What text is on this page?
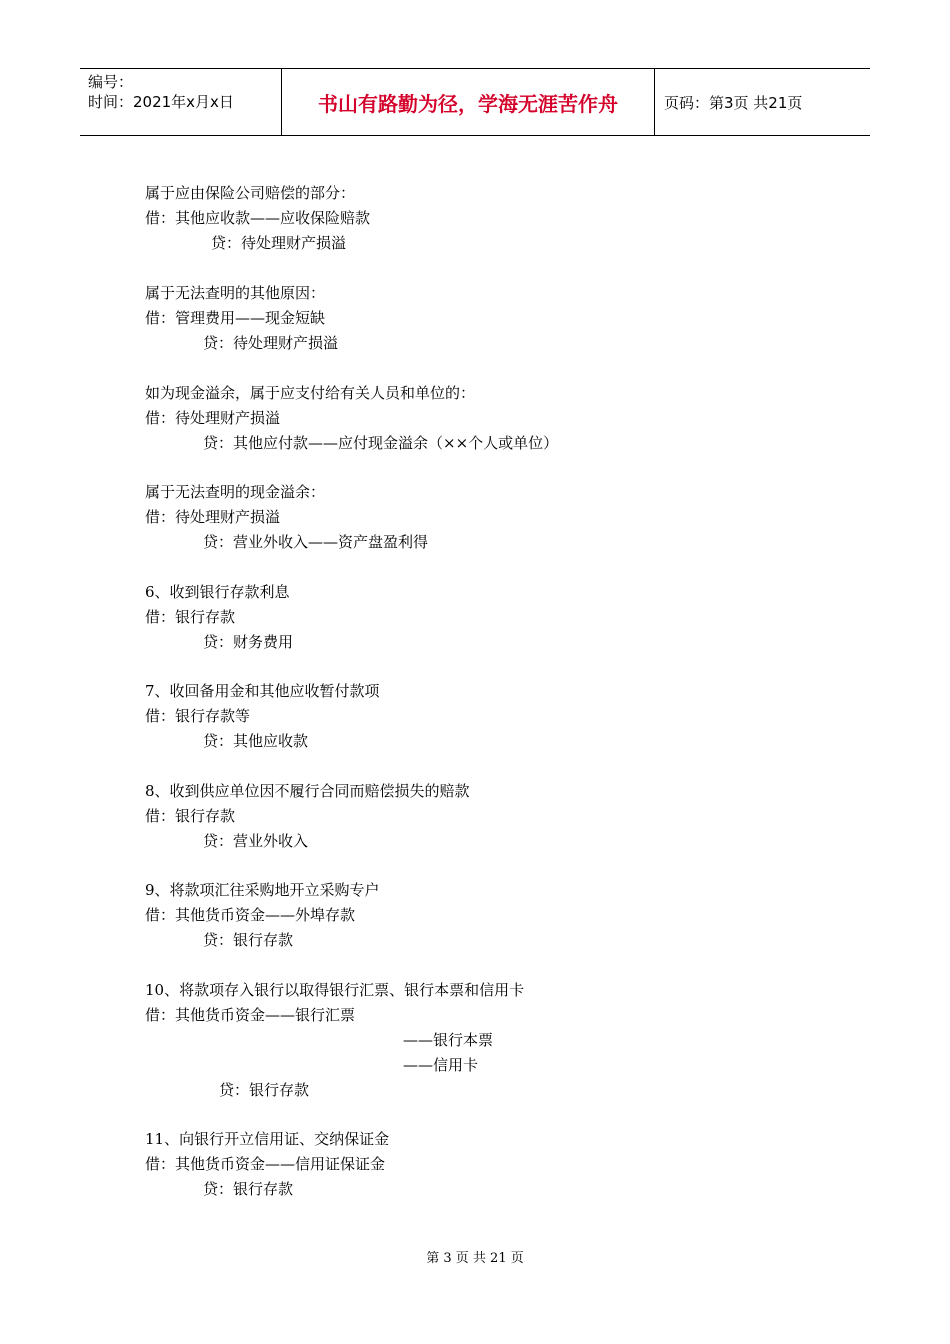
编号：
时间：2021年x月x日	书山有路勤为径，学海无涯苦作舟	页码：第3页 共21页
属于应由保险公司赔偿的部分：
借：其他应收款——应收保险赔款
贷：待处理财产损溢
属于无法查明的其他原因：
借：管理费用——现金短缺
贷：待处理财产损溢
如为现金溢余，属于应支付给有关人员和单位的：
借：待处理财产损溢
贷：其他应付款——应付现金溢余（××个人或单位）
属于无法查明的现金溢余：
借：待处理财产损溢
贷：营业外收入——资产盘盈利得
6、收到银行存款利息
借：银行存款
贷：财务费用
7、收回备用金和其他应收暂付款项
借：银行存款等
贷：其他应收款
8、收到供应单位因不履行合同而赔偿损失的赔款
借：银行存款
贷：营业外收入
9、将款项汇往采购地开立采购专户
借：其他货币资金——外埠存款
贷：银行存款
10、将款项存入银行以取得银行汇票、银行本票和信用卡
借：其他货币资金——银行汇票
——银行本票
——信用卡
贷：银行存款
11、向银行开立信用证、交纳保证金
借：其他货币资金——信用证保证金
贷：银行存款
第 3 页 共 21 页
